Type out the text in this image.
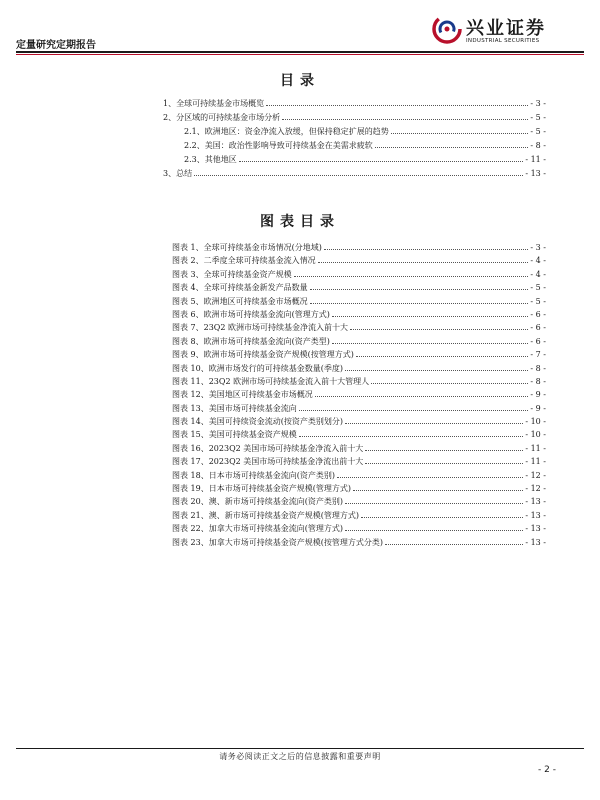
定量研究定期报告
兴业证券
INDUSTRIAL SECURITIES
目录
1、全球可持续基金市场概览	- 3 -
2、分区域的可持续基金市场分析	- 5 -
2.1、欧洲地区：资金净流入放缓，但保持稳定扩展的趋势	- 5 -
2.2、美国：政治性影响导致可持续基金在美需求疲软	- 8 -
2.3、其他地区	- 11 -
3、总结	- 13 -
图表目录
图表 1、全球可持续基金市场情况(分地域)	- 3 -
图表 2、二季度全球可持续基金流入情况	- 4 -
图表 3、全球可持续基金资产规模	- 4 -
图表 4、全球可持续基金新发产品数量	- 5 -
图表 5、欧洲地区可持续基金市场概况	- 5 -
图表 6、欧洲市场可持续基金流向(管理方式)	- 6 -
图表 7、23Q2 欧洲市场可持续基金净流入前十大	- 6 -
图表 8、欧洲市场可持续基金流向(资产类型)	- 6 -
图表 9、欧洲市场可持续基金资产规模(按管理方式)	- 7 -
图表 10、欧洲市场发行的可持续基金数量(季度)	- 8 -
图表 11、23Q2 欧洲市场可持续基金流入前十大管理人	- 8 -
图表 12、美国地区可持续基金市场概况	- 9 -
图表 13、美国市场可持续基金流向	- 9 -
图表 14、美国可持续资金流动(按资产类别划分)	- 10 -
图表 15、美国可持续基金资产规模	- 10 -
图表 16、2023Q2 美国市场可持续基金净流入前十大	- 11 -
图表 17、2023Q2 美国市场可持续基金净流出前十大	- 11 -
图表 18、日本市场可持续基金流向(资产类别)	- 12 -
图表 19、日本市场可持续基金资产规模(管理方式)	- 12 -
图表 20、澳、新市场可持续基金流向(资产类别)	- 13 -
图表 21、澳、新市场可持续基金资产规模(管理方式)	- 13 -
图表 22、加拿大市场可持续基金流向(管理方式)	- 13 -
图表 23、加拿大市场可持续基金资产规模(按管理方式分类)	- 13 -
请务必阅读正文之后的信息披露和重要声明
- 2 -
